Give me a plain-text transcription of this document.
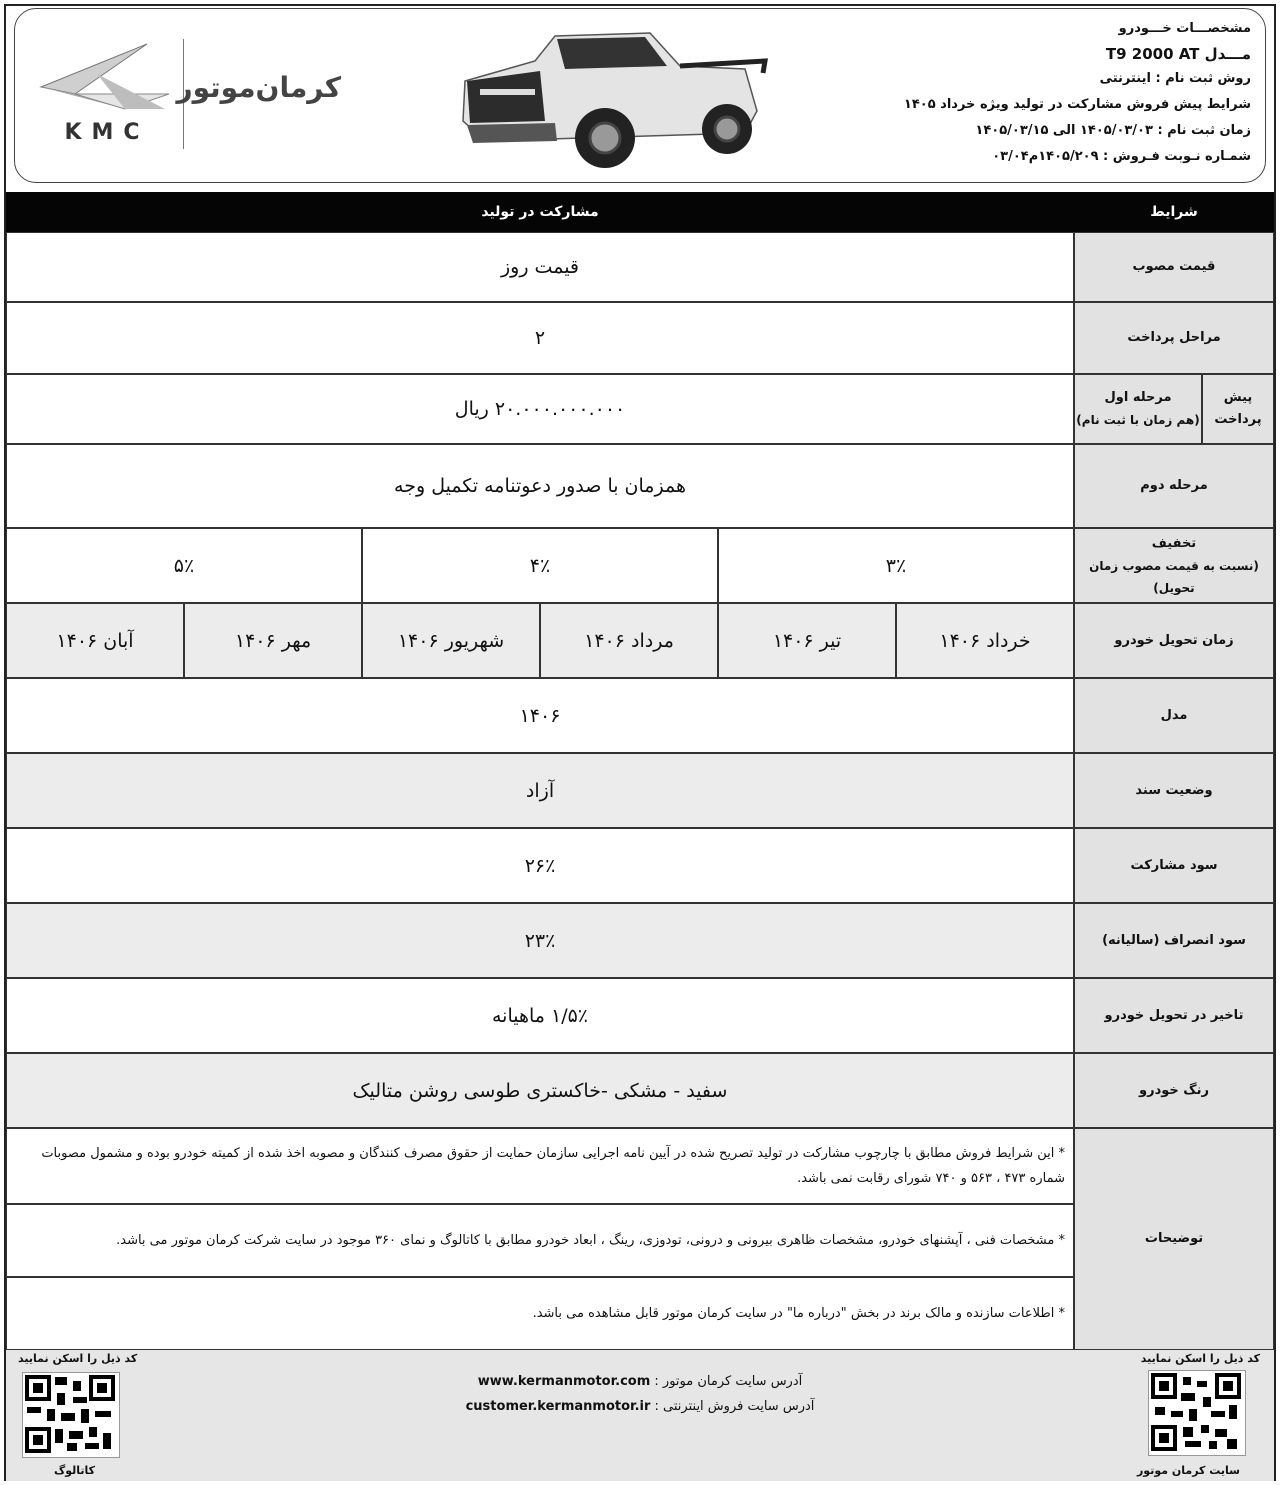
KMC
کرمان‌موتور
مشخصـــات خـــودرو
مـــدل T9 2000 AT
روش ثبت نام : اینترنتی
شرایط پیش فروش مشارکت در تولید ویژه خرداد ۱۴۰۵
زمان ثبت نام : ۱۴۰۵/۰۳/۰۳ الی ۱۴۰۵/۰۳/۱۵
شمـاره نـوبت فـروش : ۱۴۰۵/۲۰۹م۰۳/۰۴
شرایط
مشارکت در تولید
قیمت مصوب
قیمت روز
مراحل پرداخت
۲
پیش پرداخت
مرحله اول
(هم زمان با ثبت نام)
۲۰.۰۰۰.۰۰۰.۰۰۰ ریال
مرحله دوم
همزمان با صدور دعوتنامه تکمیل وجه
تخفیف
(نسبت به قیمت مصوب زمان تحویل)
۳٪
۴٪
۵٪
زمان تحویل خودرو
خرداد ۱۴۰۶
تیر ۱۴۰۶
مرداد ۱۴۰۶
شهریور ۱۴۰۶
مهر ۱۴۰۶
آبان ۱۴۰۶
مدل
۱۴۰۶
وضعیت سند
آزاد
سود مشارکت
۲۶٪
سود انصراف (سالیانه)
۲۳٪
تاخیر در تحویل خودرو
۱/۵٪ ماهیانه
رنگ خودرو
سفید - مشکی -خاکستری طوسی روشن متالیک
توضیحات
* این شرایط فروش مطابق با چارچوب مشارکت در تولید تصریح شده در آیین نامه اجرایی سازمان حمایت از حقوق مصرف کنندگان و مصوبه اخذ شده از کمیته خودرو بوده و مشمول مصوبات شماره ۴۷۳ ، ۵۶۳ و ۷۴۰ شورای رقابت نمی باشد.
* مشخصات فنی ، آپشنهای خودرو، مشخصات ظاهری بیرونی و درونی، تودوزی، رینگ ، ابعاد خودرو مطابق با کاتالوگ و نمای ۳۶۰ موجود در سایت شرکت کرمان موتور می باشد.
* اطلاعات سازنده و مالک برند در بخش "درباره ما" در سایت کرمان موتور قابل مشاهده می باشد.
کد ذیل را اسکن نمایید
سایت کرمان موتور
آدرس سایت کرمان موتور : www.kermanmotor.com
آدرس سایت فروش اینترنتی : customer.kermanmotor.ir
کد ذیل را اسکن نمایید
کاتالوگ
